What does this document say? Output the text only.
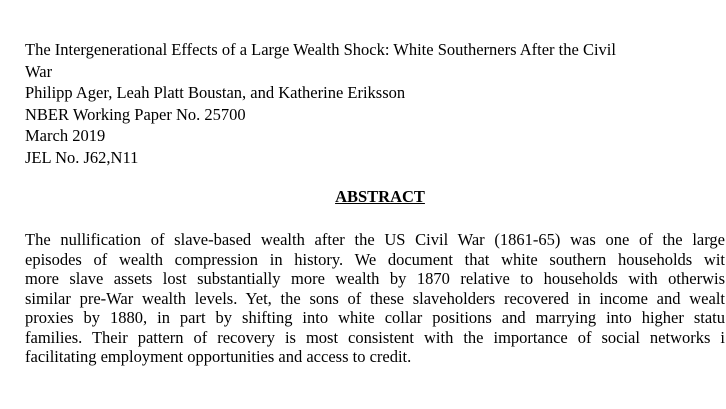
The Intergenerational Effects of a Large Wealth Shock: White Southerners After the Civil
War
Philipp Ager, Leah Platt Boustan, and Katherine Eriksson
NBER Working Paper No. 25700
March 2019
JEL No. J62,N11
ABSTRACT
The nullification of slave-based wealth after the US Civil War (1861-65) was one of the large
episodes of wealth compression in history. We document that white southern households wit
more slave assets lost substantially more wealth by 1870 relative to households with otherwis
similar pre-War wealth levels. Yet, the sons of these slaveholders recovered in income and wealt
proxies by 1880, in part by shifting into white collar positions and marrying into higher statu
families. Their pattern of recovery is most consistent with the importance of social networks i
facilitating employment opportunities and access to credit.
